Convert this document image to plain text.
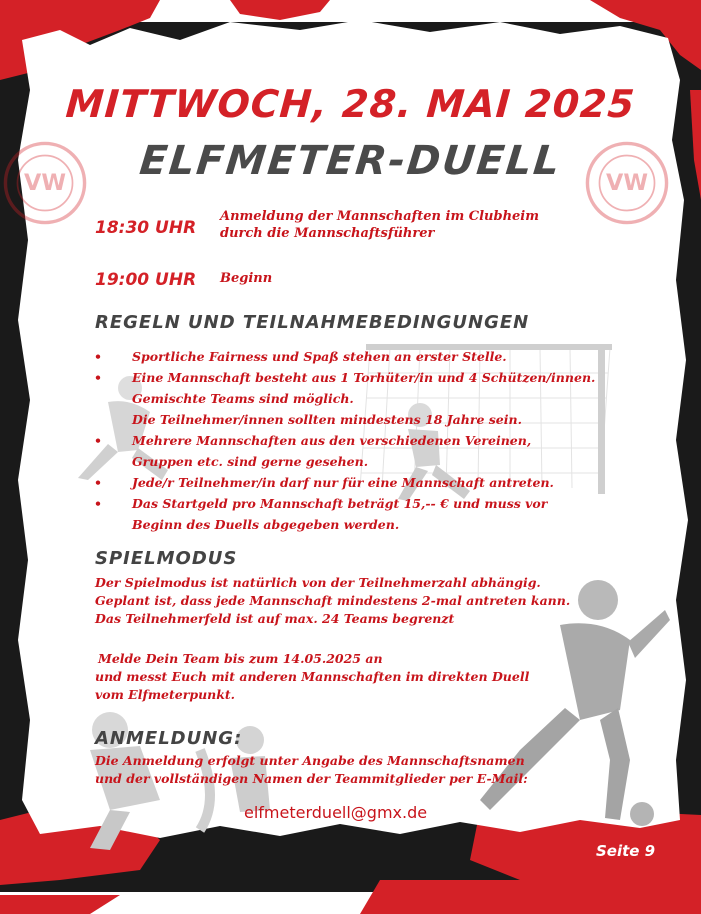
VW	VW
MITTWOCH, 28. MAI 2025
ELFMETER-DUELL
18:30 UHR
Anmeldung der Mannschaften im Clubheim
durch die Mannschaftsführer
19:00 UHR Beginn
REGELN UND TEILNAHMEBEDINGUNGEN
• Sportliche Fairness und Spaß stehen an erster Stelle.
• Eine Mannschaft besteht aus 1 Torhüter/in und 4 Schützen/innen.
Gemischte Teams sind möglich.
Die Teilnehmer/innen sollten mindestens 18 Jahre sein.
• Mehrere Mannschaften aus den verschiedenen Vereinen,
Gruppen etc. sind gerne gesehen.
• Jede/r Teilnehmer/in darf nur für eine Mannschaft antreten.
• Das Startgeld pro Mannschaft beträgt 15,-- € und muss vor
Beginn des Duells abgegeben werden.
SPIELMODUS
Der Spielmodus ist natürlich von der Teilnehmerzahl abhängig.
Geplant ist, dass jede Mannschaft mindestens 2-mal antreten kann.
Das Teilnehmerfeld ist auf max. 24 Teams begrenzt
Melde Dein Team bis zum 14.05.2025 an
und messt Euch mit anderen Mannschaften im direkten Duell
vom Elfmeterpunkt.
ANMELDUNG:
Die Anmeldung erfolgt unter Angabe des Mannschaftsnamen
und der vollständigen Namen der Teammitglieder per E-Mail:
elfmeterduell@gmx.de
Seite 9
